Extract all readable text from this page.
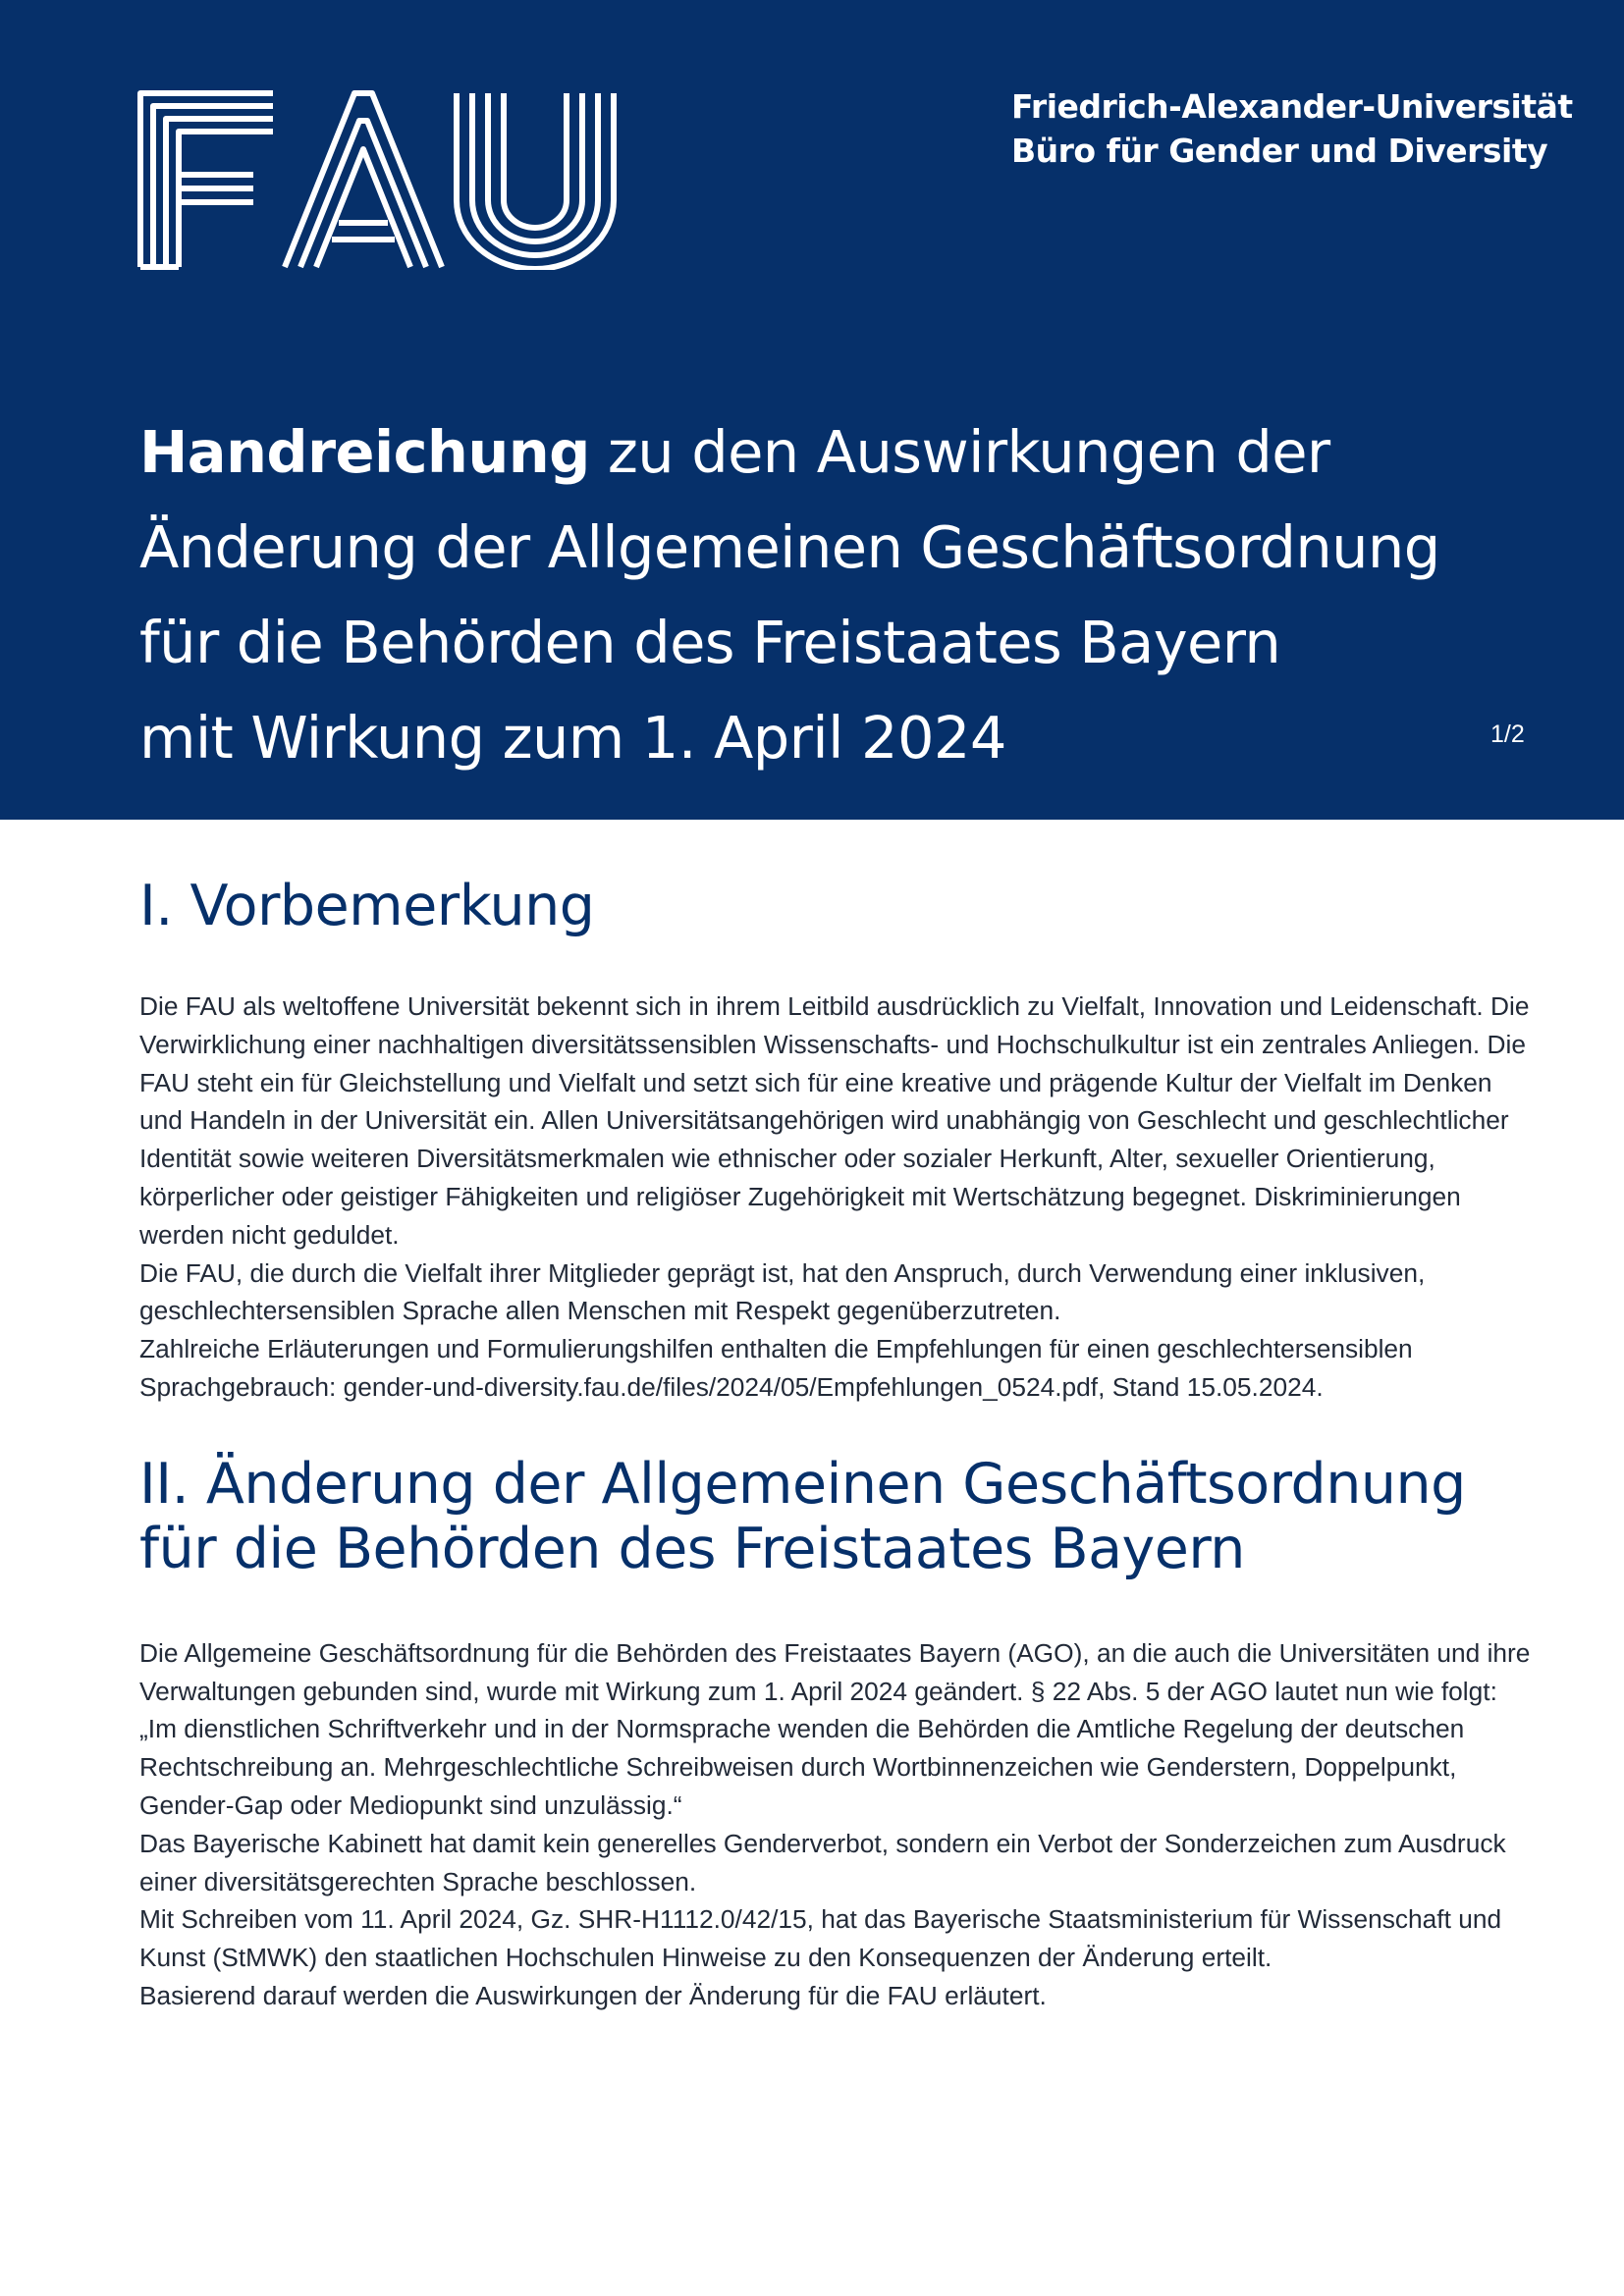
Friedrich-Alexander-Universität
Büro für Gender und Diversity
Handreichung zu den Auswirkungen der
Änderung der Allgemeinen Geschäftsordnung
für die Behörden des Freistaates Bayern
mit Wirkung zum 1. April 2024	1/2
I. Vorbemerkung

Die FAU als weltoffene Universität bekennt sich in ihrem Leitbild ausdrücklich zu Vielfalt, Innovation und Leidenschaft. Die Verwirklichung einer nachhaltigen diversitätssensiblen Wissenschafts- und Hochschulkultur ist ein zentrales Anliegen. Die FAU steht ein für Gleichstellung und Vielfalt und setzt sich für eine kreative und prägende Kultur der Vielfalt im Denken und Handeln in der Universität ein. Allen Universitätsangehörigen wird unabhängig von Geschlecht und geschlechtlicher Identität sowie weiteren Diversitätsmerkmalen wie ethnischer oder sozialer Herkunft, Alter, sexueller Orientierung, körperlicher oder geistiger Fähigkeiten und religiöser Zugehörigkeit mit Wertschätzung begegnet. Diskriminierungen werden nicht geduldet.

Die FAU, die durch die Vielfalt ihrer Mitglieder geprägt ist, hat den Anspruch, durch Verwendung einer inklusiven, geschlechtersensiblen Sprache allen Menschen mit Respekt gegenüberzutreten.

Zahlreiche Erläuterungen und Formulierungshilfen enthalten die Empfehlungen für einen geschlechtersensiblen Sprachgebrauch: gender-und-diversity.fau.de/files/2024/05/Empfehlungen_0524.pdf, Stand 15.05.2024.

II. Änderung der Allgemeinen Geschäftsordnung
für die Behörden des Freistaates Bayern

Die Allgemeine Geschäftsordnung für die Behörden des Freistaates Bayern (AGO), an die auch die Universitäten und ihre Verwaltungen gebunden sind, wurde mit Wirkung zum 1. April 2024 geändert. § 22 Abs. 5 der AGO lautet nun wie folgt:

„Im dienstlichen Schriftverkehr und in der Normsprache wenden die Behörden die Amtliche Regelung der deutschen Rechtschreibung an. Mehrgeschlechtliche Schreibweisen durch Wortbinnenzeichen wie Genderstern, Doppelpunkt, Gender-Gap oder Mediopunkt sind unzulässig.“

Das Bayerische Kabinett hat damit kein generelles Genderverbot, sondern ein Verbot der Sonderzeichen zum Ausdruck einer diversitätsgerechten Sprache beschlossen.

Mit Schreiben vom 11. April 2024, Gz. SHR-H1112.0/42/15, hat das Bayerische Staatsministerium für Wissenschaft und Kunst (StMWK) den staatlichen Hochschulen Hinweise zu den Konsequenzen der Änderung erteilt.

Basierend darauf werden die Auswirkungen der Änderung für die FAU erläutert.
